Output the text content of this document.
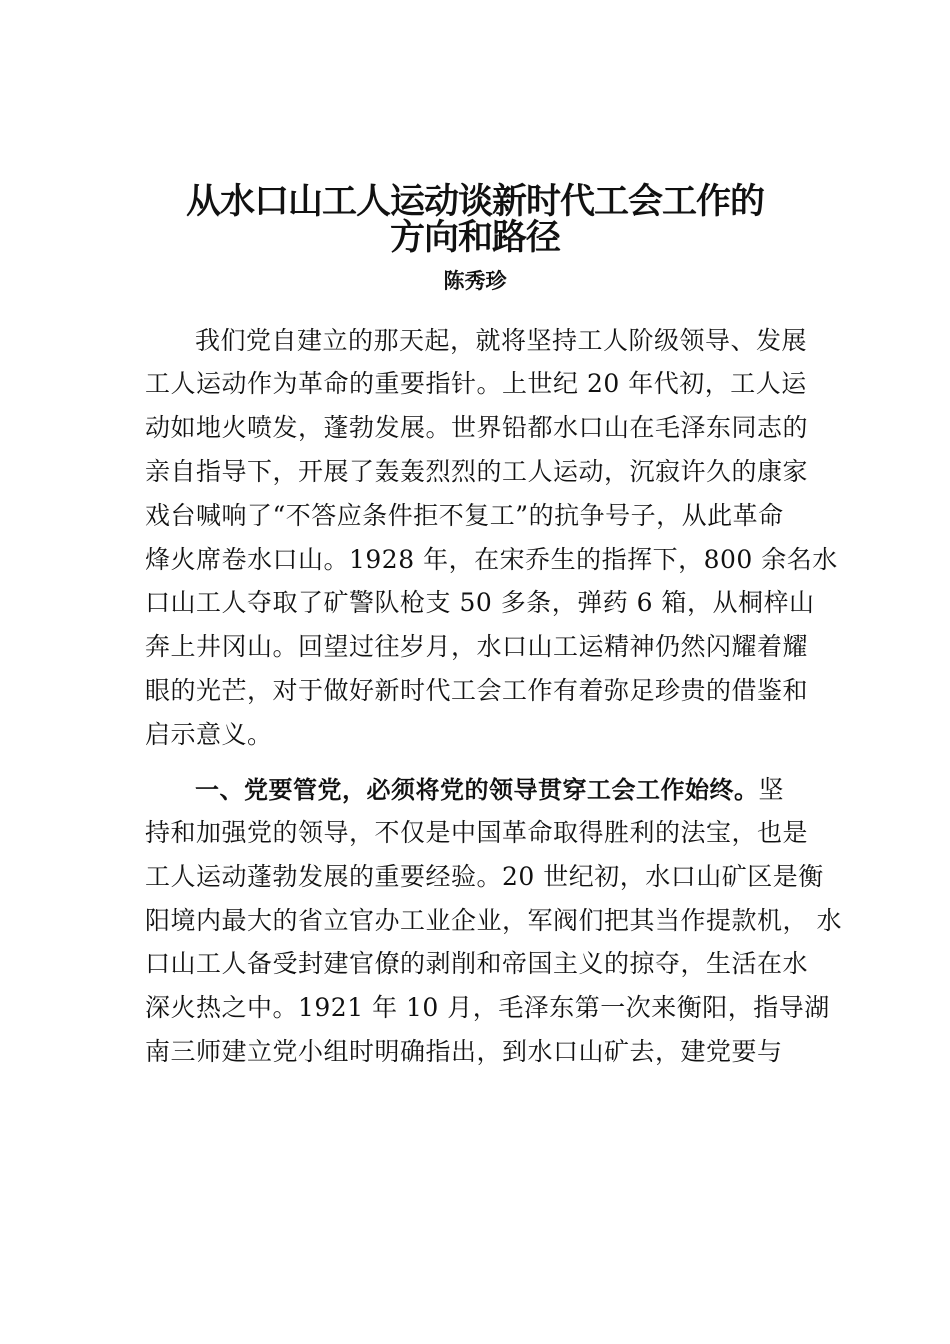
从水口山工人运动谈新时代工会工作的
方向和路径
陈秀珍

我们党自建立的那天起，就将坚持工人阶级领导、发展

工人运动作为革命的重要指针。上世纪 20 年代初，工人运

动如地火喷发，蓬勃发展。世界铅都水口山在毛泽东同志的

亲自指导下，开展了轰轰烈烈的工人运动，沉寂许久的康家

戏台喊响了“不答应条件拒不复工”的抗争号子，从此革命

烽火席卷水口山。1928 年，在宋乔生的指挥下，800 余名水

口山工人夺取了矿警队枪支 50 多条，弹药 6 箱，从桐梓山

奔上井冈山。回望过往岁月，水口山工运精神仍然闪耀着耀

眼的光芒，对于做好新时代工会工作有着弥足珍贵的借鉴和

启示意义。

一、党要管党，必须将党的领导贯穿工会工作始终。坚

持和加强党的领导，不仅是中国革命取得胜利的法宝，也是

工人运动蓬勃发展的重要经验。20 世纪初，水口山矿区是衡

阳境内最大的省立官办工业企业，军阀们把其当作提款机， 水

口山工人备受封建官僚的剥削和帝国主义的掠夺，生活在水

深火热之中。1921 年 10 月，毛泽东第一次来衡阳，指导湖

南三师建立党小组时明确指出，到水口山矿去，建党要与
